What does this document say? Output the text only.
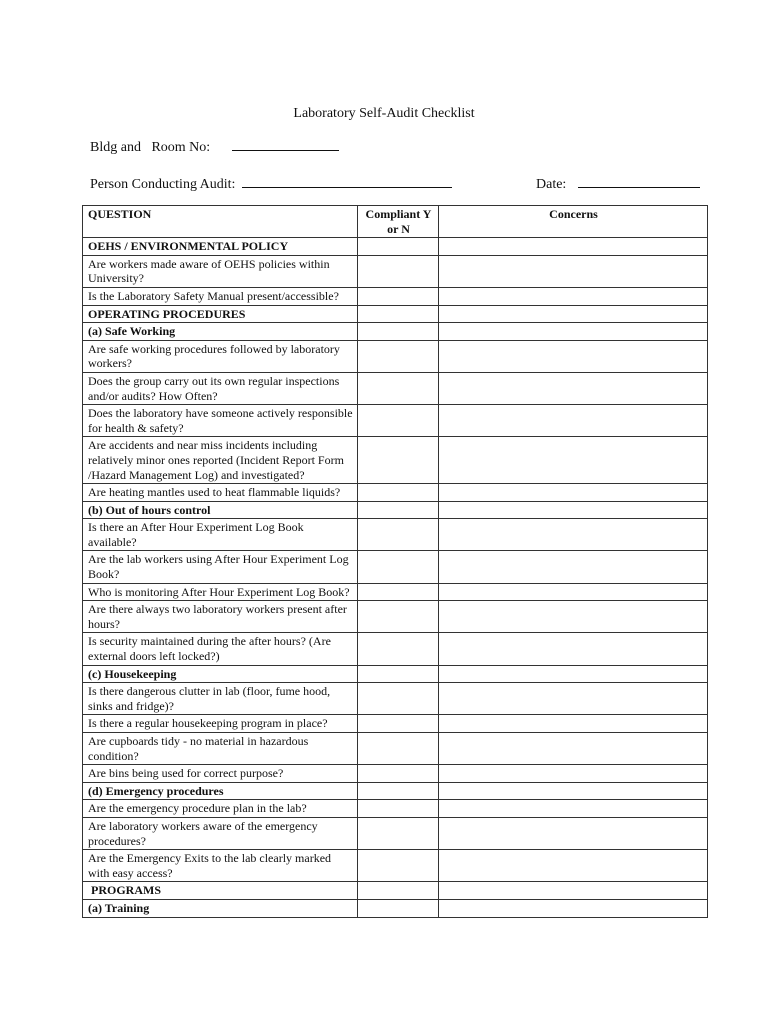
Laboratory Self-Audit Checklist
Bldg and   Room No:
Person Conducting Audit:	Date:
QUESTION	Compliant Y or N	Concerns
OEHS / ENVIRONMENTAL POLICY		
Are workers made aware of OEHS policies within University?		
Is the Laboratory Safety Manual present/accessible?		
OPERATING PROCEDURES		
(a) Safe Working		
Are safe working procedures followed by laboratory workers?		
Does the group carry out its own regular inspections and/or audits? How Often?		
Does the laboratory have someone actively responsible for health & safety?		
Are accidents and near miss incidents including relatively minor ones reported (Incident Report Form /Hazard Management Log) and investigated?		
Are heating mantles used to heat flammable liquids?		
(b) Out of hours control		
Is there an After Hour Experiment Log Book available?		
Are the lab workers using After Hour Experiment Log Book?		
Who is monitoring After Hour Experiment Log Book?		
Are there always two laboratory workers present after hours?		
Is security maintained during the after hours? (Are external doors left locked?)		
(c) Housekeeping		
Is there dangerous clutter in lab (floor, fume hood, sinks and fridge)?		
Is there a regular housekeeping program in place?		
Are cupboards tidy - no material in hazardous condition?		
Are bins being used for correct purpose?		
(d) Emergency procedures		
Are the emergency procedure plan in the lab?		
Are laboratory workers aware of the emergency procedures?		
Are the Emergency Exits to the lab clearly marked with easy access?		
PROGRAMS		
(a) Training		
